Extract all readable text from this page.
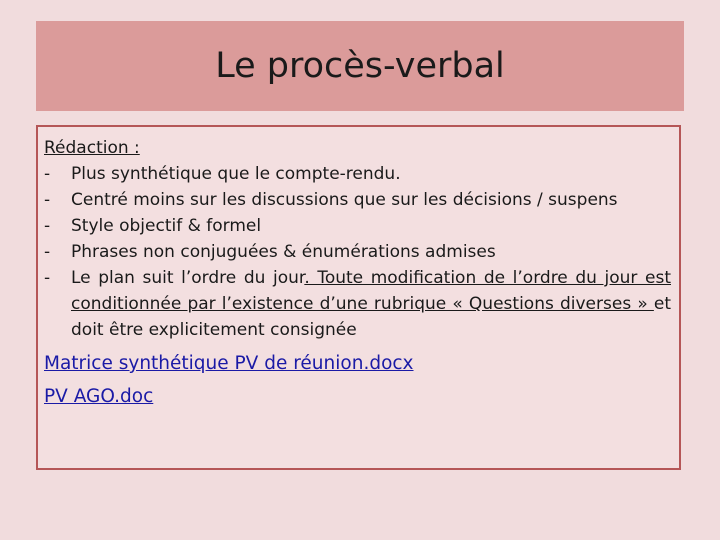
Le procès-verbal
Rédaction :
- Plus synthétique que le compte-rendu.
- Centré moins sur les discussions que sur les décisions / suspens
- Style objectif & formel
- Phrases non conjuguées & énumérations admises
- Le plan suit l’ordre du jour. Toute modification de l’ordre du jour est conditionnée par l’existence d’une rubrique « Questions diverses » et doit être explicitement consignée
Matrice synthétique PV de réunion.docx
PV AGO.doc
